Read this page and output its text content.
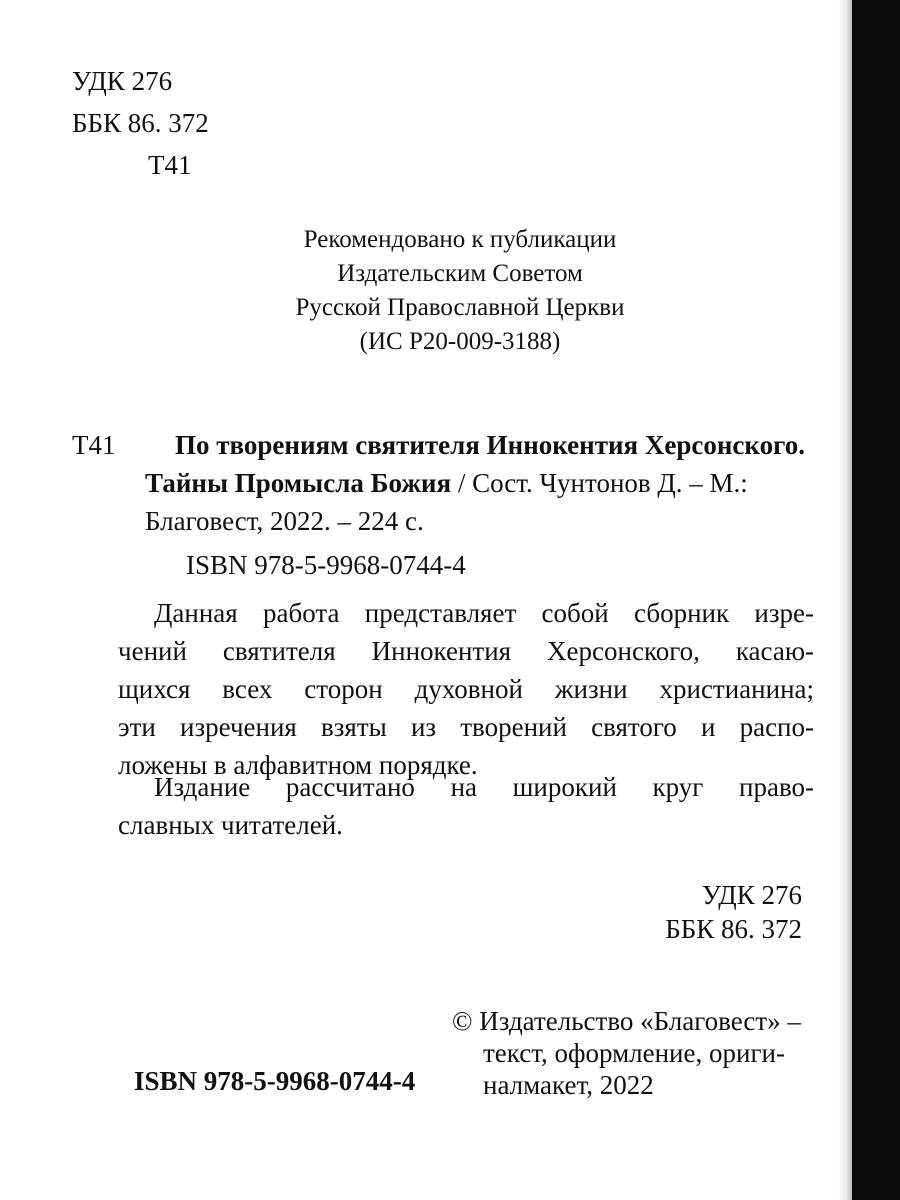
УДК 276
ББК 86. 372
Т41
Рекомендовано к публикации
Издательским Советом
Русской Православной Церкви
(ИС Р20-009-3188)
Т41 По творениям святителя Иннокентия Херсонского.
Тайны Промысла Божия / Сост. Чунтонов Д. – М.:
Благовест, 2022. – 224 с.
ISBN 978-5-9968-0744-4
Данная работа представляет собой сборник изре-
чений святителя Иннокентия Херсонского, касаю-
щихся всех сторон духовной жизни христианина;
эти изречения взяты из творений святого и распо-
ложены в алфавитном порядке.
Издание рассчитано на широкий круг право-
славных читателей.
УДК 276
ББК 86. 372
ISBN 978-5-9968-0744-4
© Издательство «Благовест» –
текст, оформление, ориги-
налмакет, 2022
